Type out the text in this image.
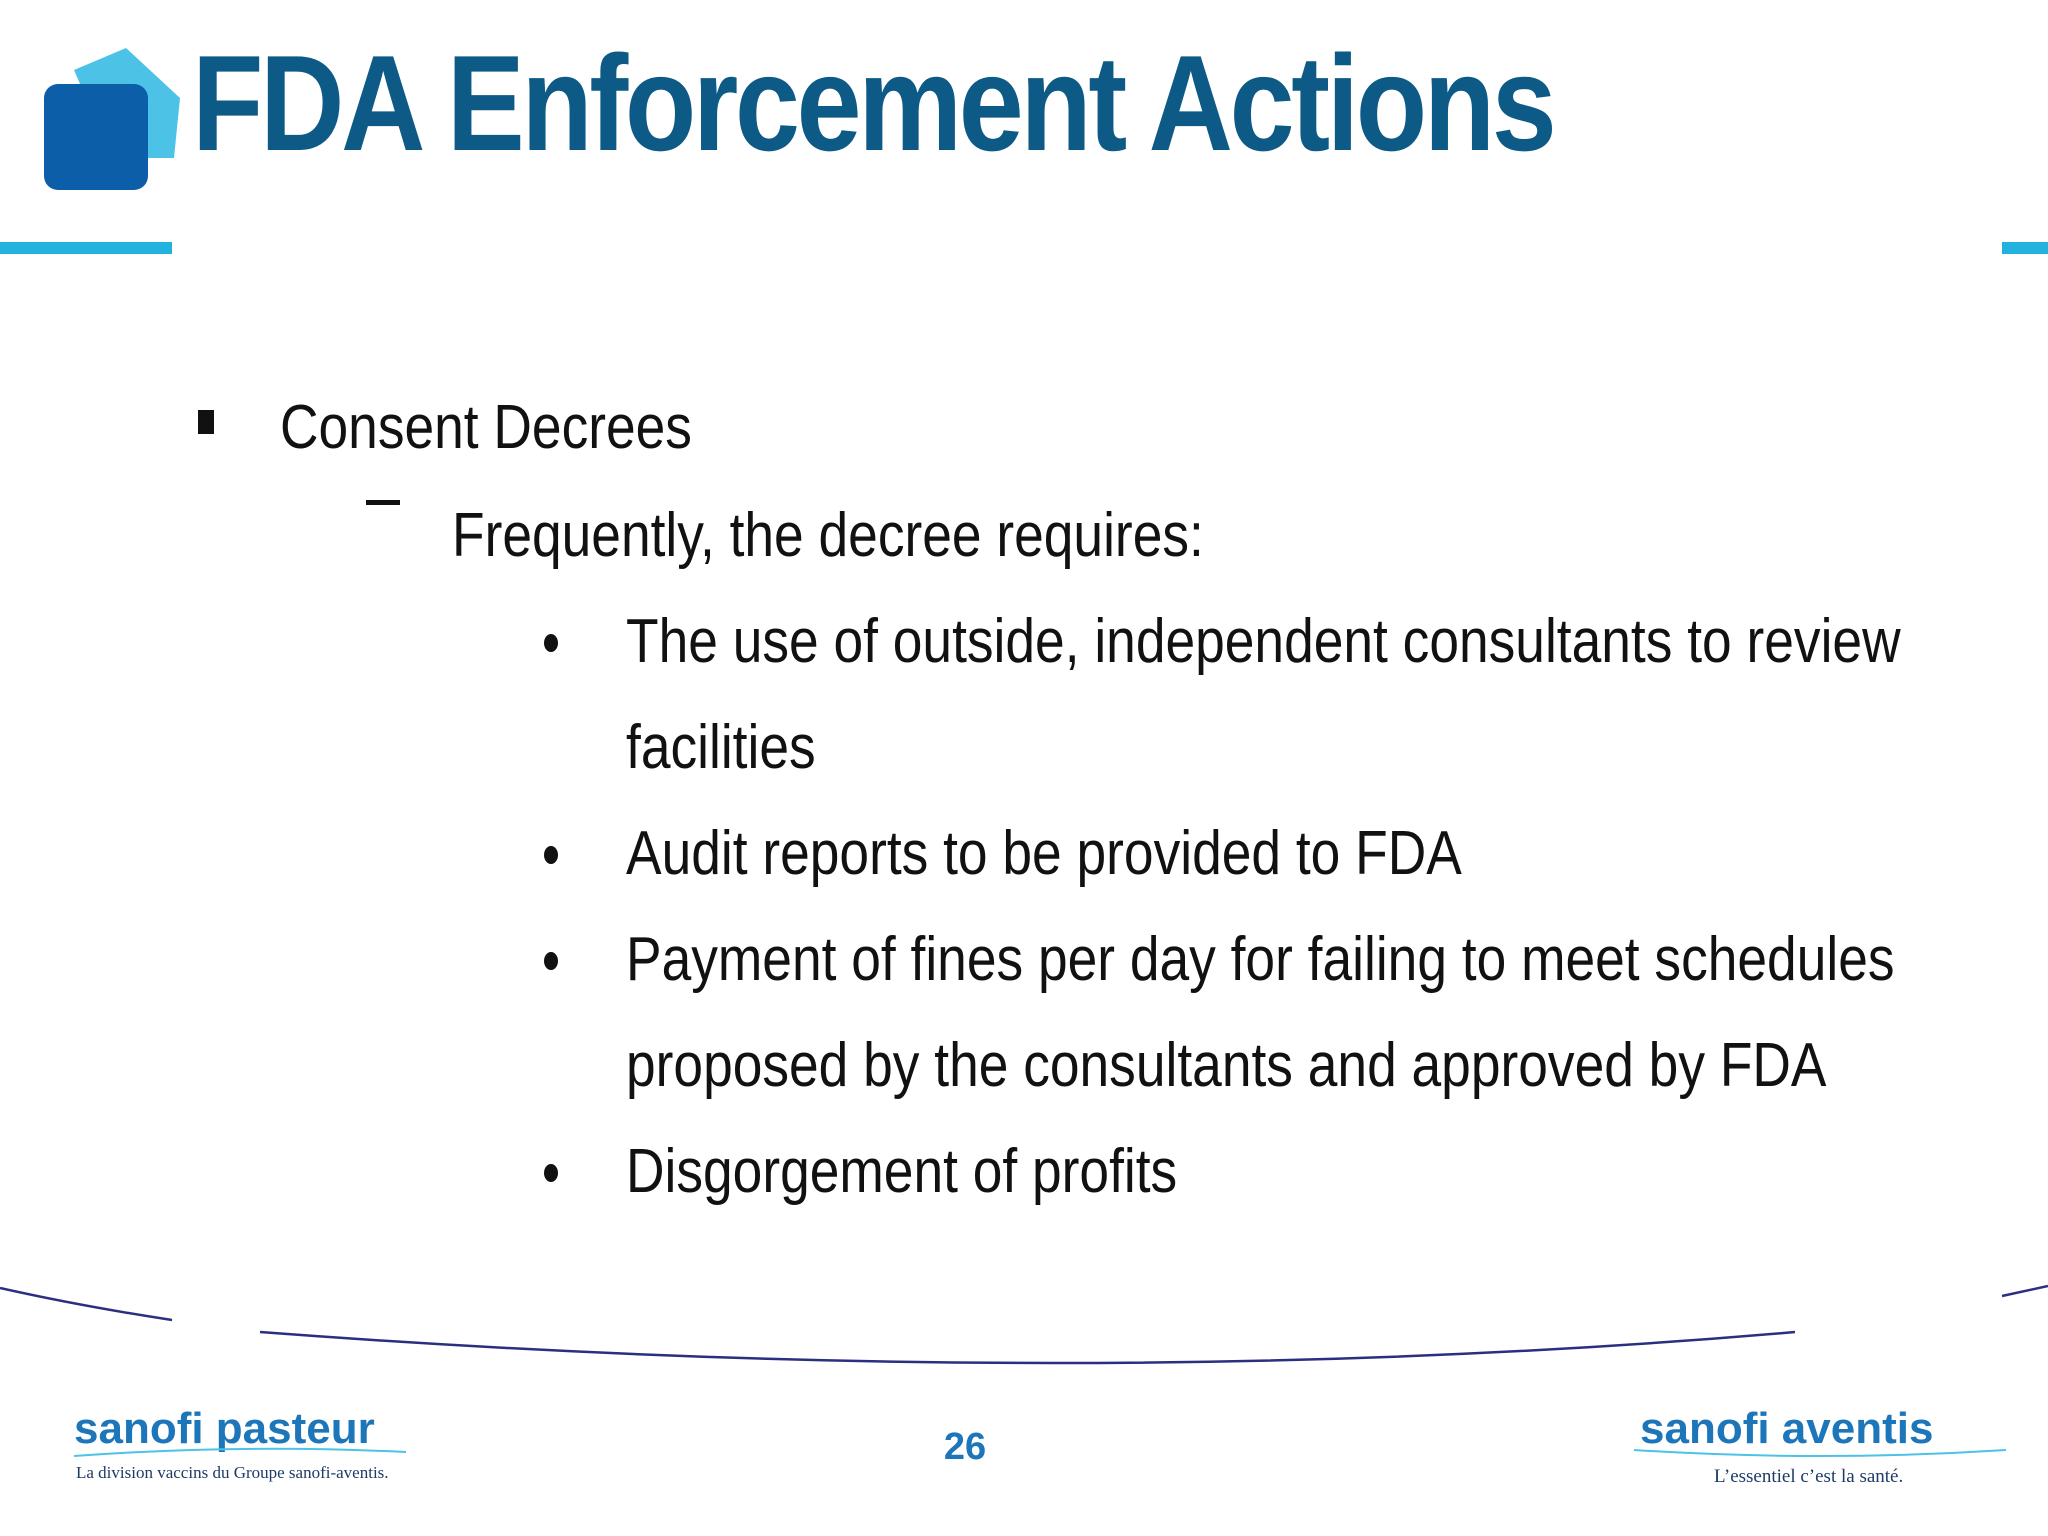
FDA Enforcement Actions
Consent Decrees
Frequently, the decree requires:
The use of outside, independent consultants to review
facilities
Audit reports to be provided to FDA
Payment of fines per day for failing to meet schedules
proposed by the consultants and approved by FDA
Disgorgement of profits
sanofi pasteur
La division vaccins du Groupe sanofi-aventis.
26	sanofi aventis
L’essentiel c’est la santé.
